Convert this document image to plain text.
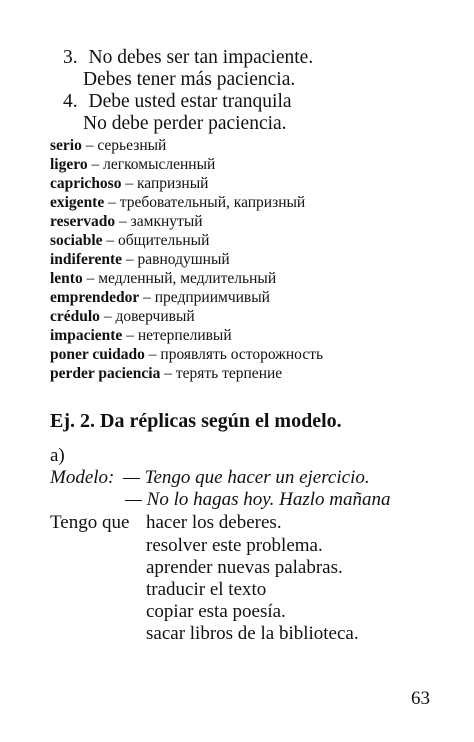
3. No debes ser tan impaciente.
Debes tener más paciencia.
4. Debe usted estar tranquila
No debe perder paciencia.
serio – серьезный
ligero – легкомысленный
caprichoso – капризный
exigente – требовательный, капризный
reservado – замкнутый
sociable – общительный
indiferente – равнодушный
lento – медленный, медлительный
emprendedor – предприимчивый
crédulo – доверчивый
impaciente – нетерпеливый
poner cuidado – проявлять осторожность
perder paciencia – терять терпение
Ej. 2. Da réplicas según el modelo.
a)
Modelo: — Tengo que hacer un ejercicio.
— No lo hagas hoy. Hazlo mañana
Tengo que hacer los deberes.
resolver este problema.
aprender nuevas palabras.
traducir el texto
copiar esta poesía.
sacar libros de la biblioteca.
63
